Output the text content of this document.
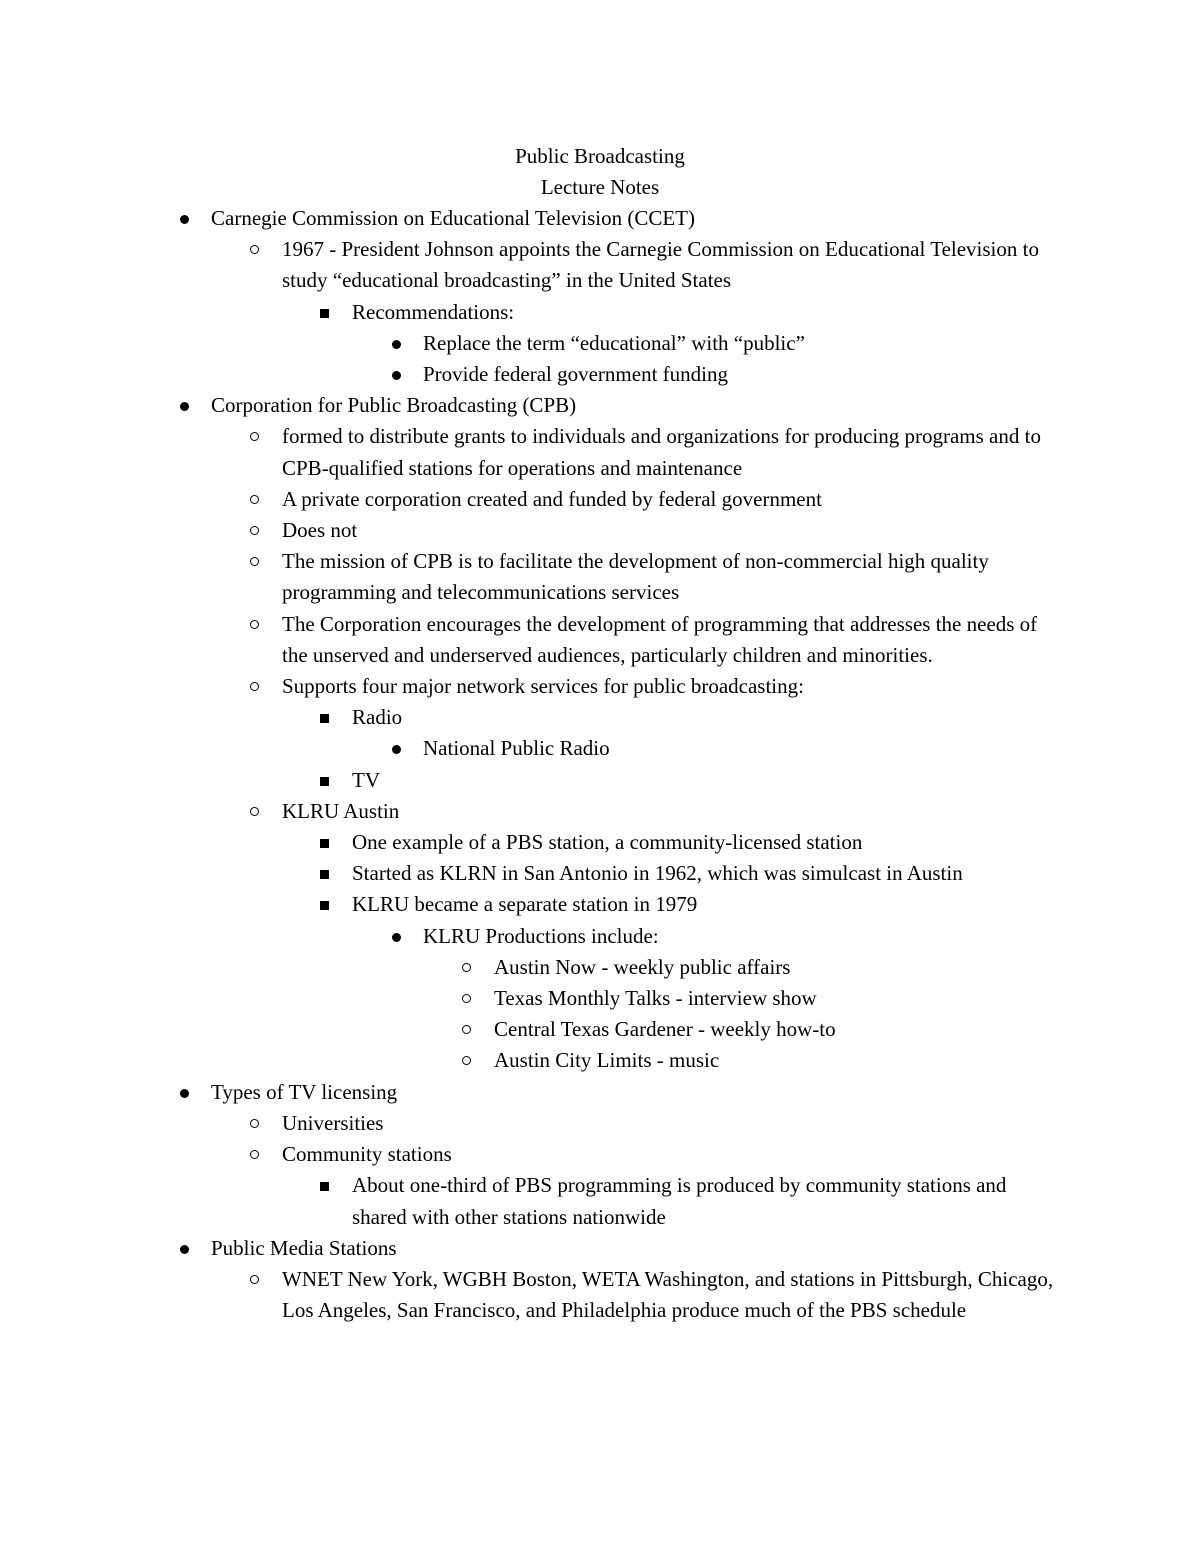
Public Broadcasting
Lecture Notes
Carnegie Commission on Educational Television (CCET)
1967 - President Johnson appoints the Carnegie Commission on Educational Television to study “educational broadcasting” in the United States
Recommendations:
Replace the term “educational” with “public”
Provide federal government funding
Corporation for Public Broadcasting (CPB)
formed to distribute grants to individuals and organizations for producing programs and to CPB-qualified stations for operations and maintenance
A private corporation created and funded by federal government
Does not
The mission of CPB is to facilitate the development of non-commercial high quality programming and telecommunications services
The Corporation encourages the development of programming that addresses the needs of the unserved and underserved audiences, particularly children and minorities.
Supports four major network services for public broadcasting:
Radio
National Public Radio
TV
KLRU Austin
One example of a PBS station, a community-licensed station
Started as KLRN in San Antonio in 1962, which was simulcast in Austin
KLRU became a separate station in 1979
KLRU Productions include:
Austin Now - weekly public affairs
Texas Monthly Talks - interview show
Central Texas Gardener - weekly how-to
Austin City Limits - music
Types of TV licensing
Universities
Community stations
About one-third of PBS programming is produced by community stations and shared with other stations nationwide
Public Media Stations
WNET New York, WGBH Boston, WETA Washington, and stations in Pittsburgh, Chicago, Los Angeles, San Francisco, and Philadelphia produce much of the PBS schedule
